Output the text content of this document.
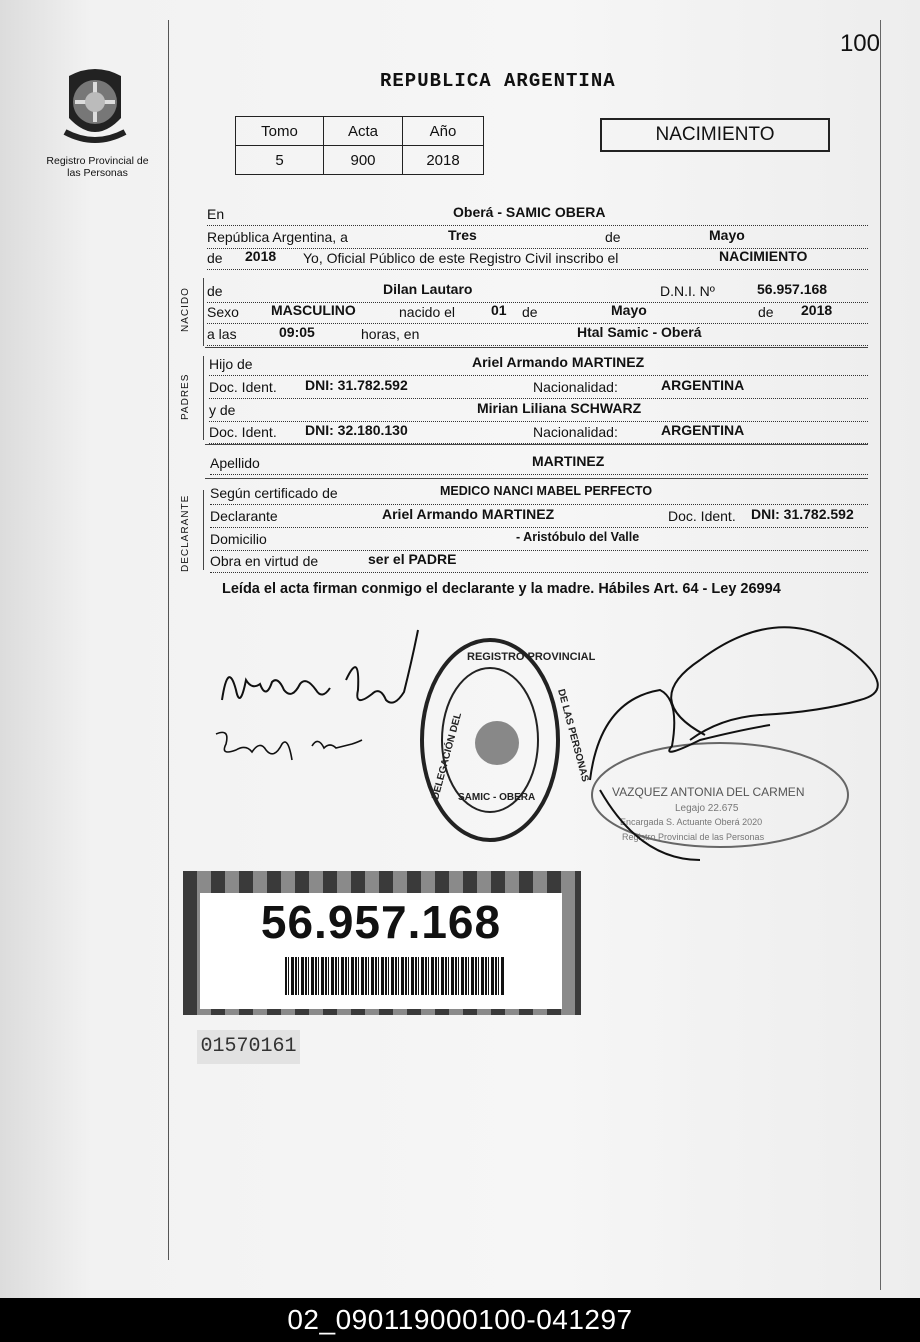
100
Registro Provincial de las Personas
REPUBLICA ARGENTINA
Tomo	Acta	Año
5	900	2018
NACIMIENTO
En	Oberá - SAMIC OBERA
República Argentina, a	Tres	de	Mayo
de 2018 Yo, Oficial Público de este Registro Civil inscribo el	NACIMIENTO
NACIDO de	Dilan Lautaro	D.N.I. Nº	56.957.168
Sexo MASCULINO	nacido el	01 de	Mayo	de 2018
a las	09:05	horas, en	Htal Samic - Oberá
PADRES
Hijo de	Ariel Armando MARTINEZ
Doc. Ident. DNI: 31.782.592	Nacionalidad:	ARGENTINA
y de	Mirian Liliana SCHWARZ
Doc. Ident. DNI: 32.180.130	Nacionalidad:	ARGENTINA
Apellido	MARTINEZ
DECLARANTE
Según certificado de	MEDICO NANCI MABEL PERFECTO
Declarante	Ariel Armando MARTINEZ	Doc. Ident. DNI: 31.782.592
Domicilio	- Aristóbulo del Valle
Obra en virtud de	ser el PADRE
Leída el acta firman conmigo el declarante y la madre. Hábiles Art. 64 - Ley 26994
REGISTRO PROVINCIAL
DELEGACIÓN DEL	DE LAS PERSONAS
SAMIC - OBERA	VAZQUEZ ANTONIA DEL CARMEN
Legajo 22.675
Encargada S. Actuante Oberá 2020
Registro Provincial de las Personas
56.957.168
01570161
02_090119000100-041297
